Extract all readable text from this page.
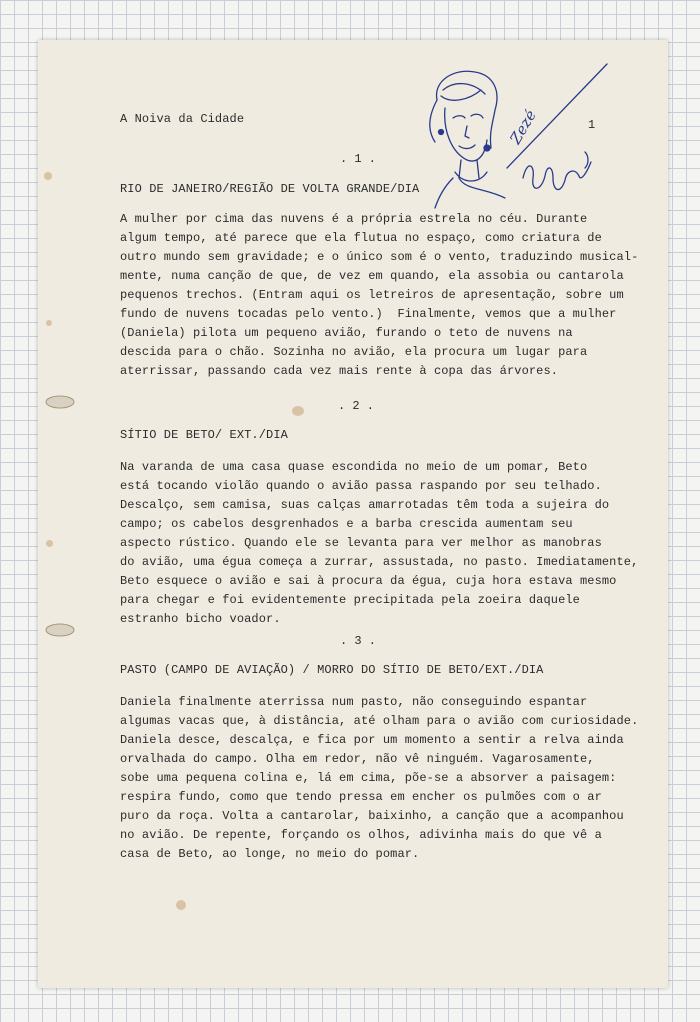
A Noiva da Cidade	1
Zezé
. 1 .
RIO DE JANEIRO/REGIÃO DE VOLTA GRANDE/DIA
A mulher por cima das nuvens é a própria estrela no céu. Durante
algum tempo, até parece que ela flutua no espaço, como criatura de
outro mundo sem gravidade; e o único som é o vento, traduzindo musical-
mente, numa canção de que, de vez em quando, ela assobia ou cantarola
pequenos trechos. (Entram aqui os letreiros de apresentação, sobre um
fundo de nuvens tocadas pelo vento.)  Finalmente, vemos que a mulher
(Daniela) pilota um pequeno avião, furando o teto de nuvens na
descida para o chão. Sozinha no avião, ela procura um lugar para
aterrissar, passando cada vez mais rente à copa das árvores.
. 2 .
SÍTIO DE BETO/ EXT./DIA
Na varanda de uma casa quase escondida no meio de um pomar, Beto
está tocando violão quando o avião passa raspando por seu telhado.
Descalço, sem camisa, suas calças amarrotadas têm toda a sujeira do
campo; os cabelos desgrenhados e a barba crescida aumentam seu
aspecto rústico. Quando ele se levanta para ver melhor as manobras
do avião, uma égua começa a zurrar, assustada, no pasto. Imediatamente,
Beto esquece o avião e sai à procura da égua, cuja hora estava mesmo
para chegar e foi evidentemente precipitada pela zoeira daquele
estranho bicho voador.
. 3 .
PASTO (CAMPO DE AVIAÇÃO) / MORRO DO SÍTIO DE BETO/EXT./DIA
Daniela finalmente aterrissa num pasto, não conseguindo espantar
algumas vacas que, à distância, até olham para o avião com curiosidade.
Daniela desce, descalça, e fica por um momento a sentir a relva ainda
orvalhada do campo. Olha em redor, não vê ninguém. Vagarosamente,
sobe uma pequena colina e, lá em cima, põe-se a absorver a paisagem:
respira fundo, como que tendo pressa em encher os pulmões com o ar
puro da roça. Volta a cantarolar, baixinho, a canção que a acompanhou
no avião. De repente, forçando os olhos, adivinha mais do que vê a
casa de Beto, ao longe, no meio do pomar.
